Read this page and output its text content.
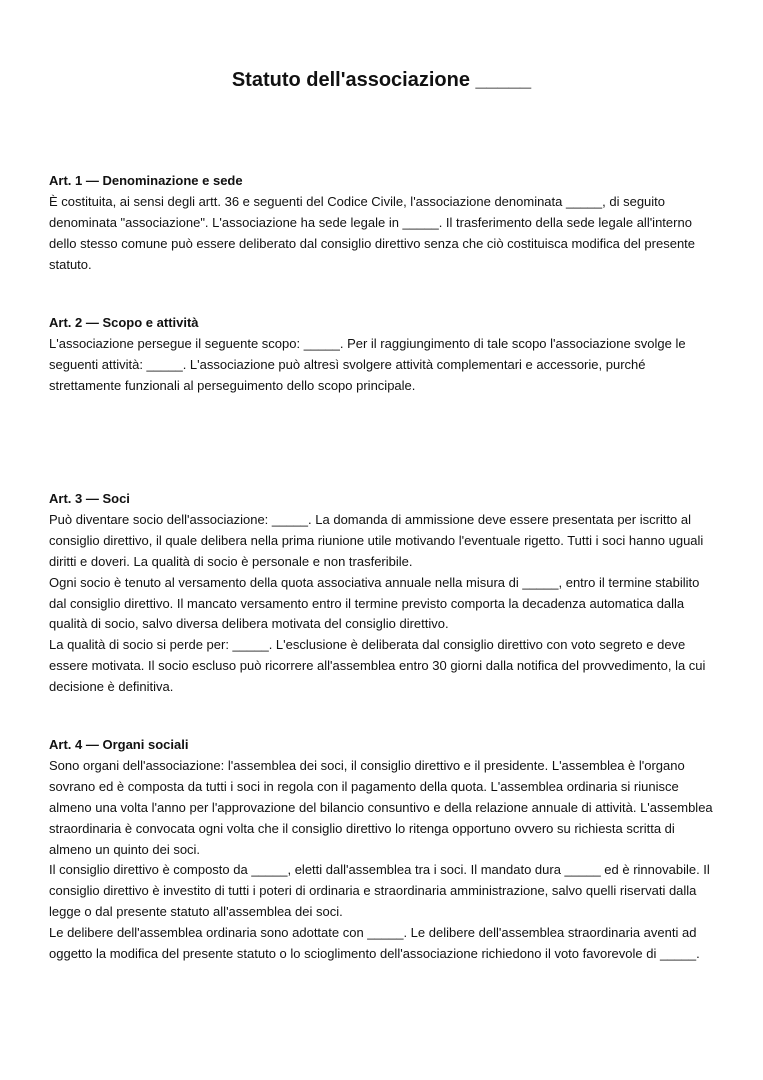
Statuto dell'associazione _____
Art. 1 — Denominazione e sede

È costituita, ai sensi degli artt. 36 e seguenti del Codice Civile, l'associazione denominata _____, di seguito denominata "associazione". L'associazione ha sede legale in _____. Il trasferimento della sede legale all'interno dello stesso comune può essere deliberato dal consiglio direttivo senza che ciò costituisca modifica del presente statuto.

Art. 2 — Scopo e attività

L'associazione persegue il seguente scopo: _____. Per il raggiungimento di tale scopo l'associazione svolge le seguenti attività: _____. L'associazione può altresì svolgere attività complementari e accessorie, purché strettamente funzionali al perseguimento dello scopo principale.

Art. 3 — Soci

Può diventare socio dell'associazione: _____. La domanda di ammissione deve essere presentata per iscritto al consiglio direttivo, il quale delibera nella prima riunione utile motivando l'eventuale rigetto. Tutti i soci hanno uguali diritti e doveri. La qualità di socio è personale e non trasferibile.

Ogni socio è tenuto al versamento della quota associativa annuale nella misura di _____, entro il termine stabilito dal consiglio direttivo. Il mancato versamento entro il termine previsto comporta la decadenza automatica dalla qualità di socio, salvo diversa delibera motivata del consiglio direttivo.

La qualità di socio si perde per: _____. L'esclusione è deliberata dal consiglio direttivo con voto segreto e deve essere motivata. Il socio escluso può ricorrere all'assemblea entro 30 giorni dalla notifica del provvedimento, la cui decisione è definitiva.

Art. 4 — Organi sociali

Sono organi dell'associazione: l'assemblea dei soci, il consiglio direttivo e il presidente. L'assemblea è l'organo sovrano ed è composta da tutti i soci in regola con il pagamento della quota. L'assemblea ordinaria si riunisce almeno una volta l'anno per l'approvazione del bilancio consuntivo e della relazione annuale di attività. L'assemblea straordinaria è convocata ogni volta che il consiglio direttivo lo ritenga opportuno ovvero su richiesta scritta di almeno un quinto dei soci.

Il consiglio direttivo è composto da _____, eletti dall'assemblea tra i soci. Il mandato dura _____ ed è rinnovabile. Il consiglio direttivo è investito di tutti i poteri di ordinaria e straordinaria amministrazione, salvo quelli riservati dalla legge o dal presente statuto all'assemblea dei soci.

Le delibere dell'assemblea ordinaria sono adottate con _____. Le delibere dell'assemblea straordinaria aventi ad oggetto la modifica del presente statuto o lo scioglimento dell'associazione richiedono il voto favorevole di _____.
